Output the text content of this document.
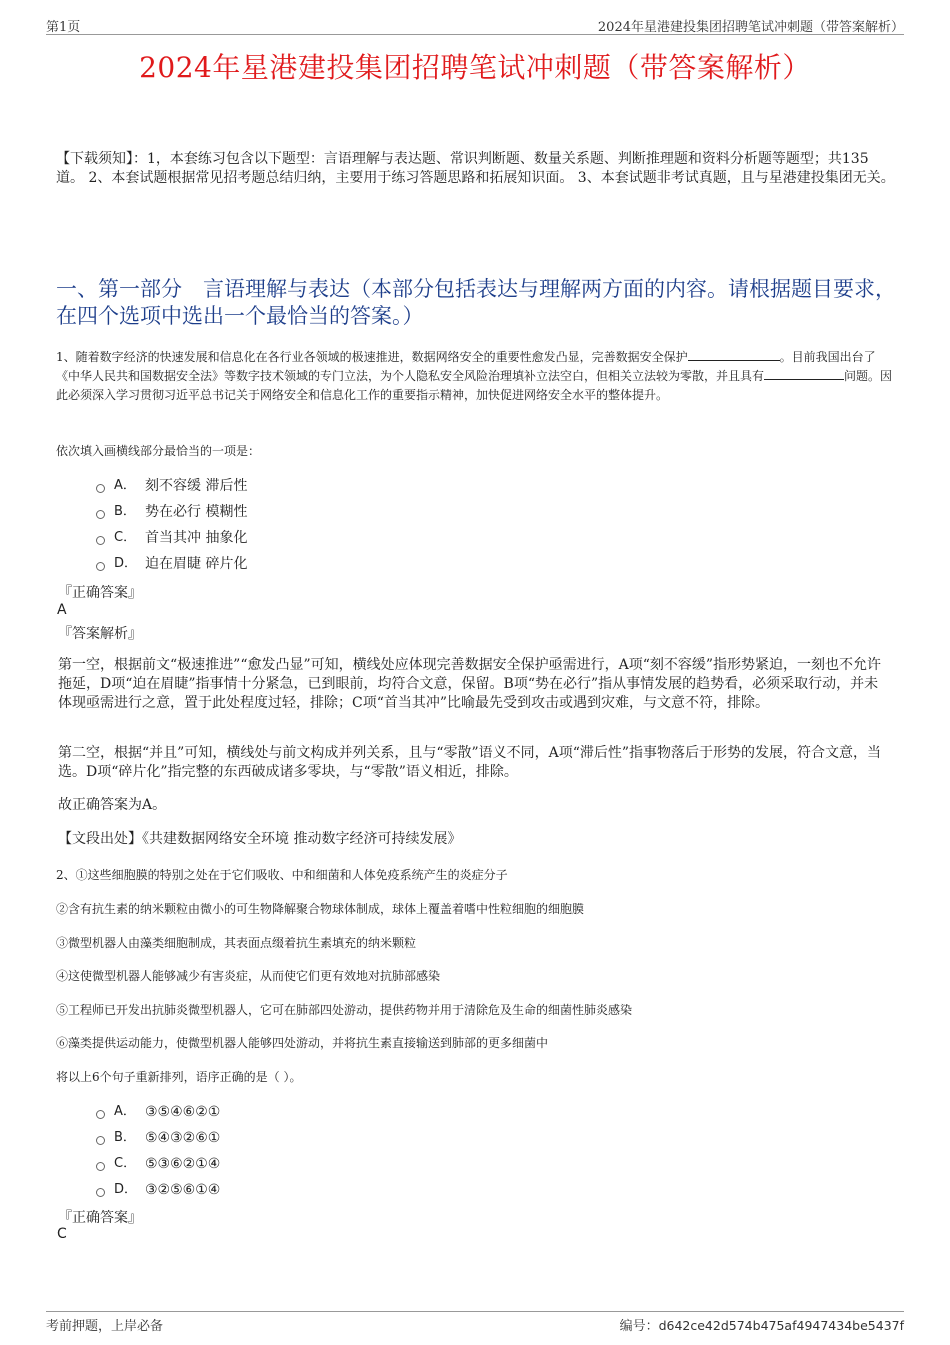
第1页	2024年星港建投集团招聘笔试冲刺题（带答案解析）
2024年星港建投集团招聘笔试冲刺题（带答案解析）
【下载须知】：1，本套练习包含以下题型：言语理解与表达题、常识判断题、数量关系题、判断推理题和资料分析题等题型；共135道。 2、本套试题根据常见招考题总结归纳，主要用于练习答题思路和拓展知识面。 3、本套试题非考试真题，且与星港建投集团无关。
一、第一部分　言语理解与表达（本部分包括表达与理解两方面的内容。请根据题目要求，在四个选项中选出一个最恰当的答案。）
1、随着数字经济的快速发展和信息化在各行业各领域的极速推进，数据网络安全的重要性愈发凸显，完善数据安全保护	。目前我国出台了《中华人民共和国数据安全法》等数字技术领域的专门立法，为个人隐私安全风险治理填补立法空白，但相关立法较为零散，并且具有	问题。因此必须深入学习贯彻习近平总书记关于网络安全和信息化工作的重要指示精神，加快促进网络安全水平的整体提升。
依次填入画横线部分最恰当的一项是：
A． 刻不容缓 滞后性
B． 势在必行 模糊性
C． 首当其冲 抽象化
D． 迫在眉睫 碎片化
『正确答案』
A
『答案解析』
第一空，根据前文“极速推进”“愈发凸显”可知，横线处应体现完善数据安全保护亟需进行，A项“刻不容缓”指形势紧迫，一刻也不允许拖延，D项“迫在眉睫”指事情十分紧急，已到眼前，均符合文意，保留。B项“势在必行”指从事情发展的趋势看，必须采取行动，并未体现亟需进行之意，置于此处程度过轻，排除；C项“首当其冲”比喻最先受到攻击或遇到灾难，与文意不符，排除。
第二空，根据“并且”可知，横线处与前文构成并列关系，且与“零散”语义不同，A项“滞后性”指事物落后于形势的发展，符合文意，当选。D项“碎片化”指完整的东西破成诸多零块，与“零散”语义相近，排除。
故正确答案为A。
【文段出处】《共建数据网络安全环境 推动数字经济可持续发展》
2、①这些细胞膜的特别之处在于它们吸收、中和细菌和人体免疫系统产生的炎症分子
②含有抗生素的纳米颗粒由微小的可生物降解聚合物球体制成，球体上覆盖着嗜中性粒细胞的细胞膜
③微型机器人由藻类细胞制成，其表面点缀着抗生素填充的纳米颗粒
④这使微型机器人能够减少有害炎症，从而使它们更有效地对抗肺部感染
⑤工程师已开发出抗肺炎微型机器人，它可在肺部四处游动，提供药物并用于清除危及生命的细菌性肺炎感染
⑥藻类提供运动能力，使微型机器人能够四处游动，并将抗生素直接输送到肺部的更多细菌中
将以上6个句子重新排列，语序正确的是（ ）。
A． ③⑤④⑥②①
B． ⑤④③②⑥①
C． ⑤③⑥②①④
D． ③②⑤⑥①④
『正确答案』
C
考前押题，上岸必备	编号：d642ce42d574b475af4947434be5437f
